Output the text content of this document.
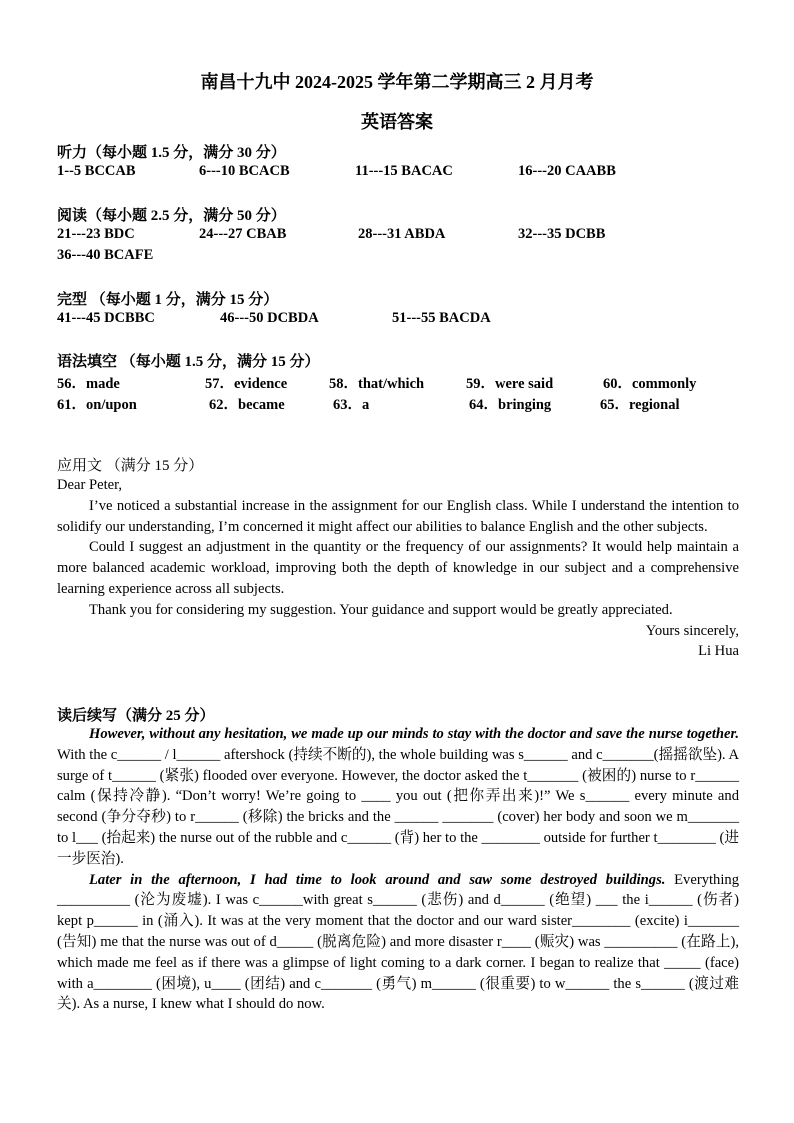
南昌十九中 2024-2025 学年第二学期高三 2 月月考
英语答案
听力（每小题 1.5 分，满分 30 分）
1--5 BCCAB	6---10 BCACB	11---15 BACAC	16---20 CAABB
阅读（每小题 2.5 分，满分 50 分）
21---23 BDC	24---27 CBAB	28---31 ABDA	32---35 DCBB
36---40 BCAFE
完型 （每小题 1 分，满分 15 分）
41---45 DCBBC	46---50 DCBDA	51---55 BACDA
语法填空 （每小题 1.5 分，满分 15 分）
56．made	57．evidence	58．that/which	59．were said	60．commonly
61．on/upon	62．became	63．a	64．bringing	65．regional
应用文 （满分 15 分）

Dear Peter,

I’ve noticed a substantial increase in the assignment for our English class. While I understand the intention to solidify our understanding, I’m concerned it might affect our abilities to balance English and the other subjects.

Could I suggest an adjustment in the quantity or the frequency of our assignments? It would help maintain a more balanced academic workload, improving both the depth of knowledge in our subject and a comprehensive learning experience across all subjects.

Thank you for considering my suggestion. Your guidance and support would be greatly appreciated.

Yours sincerely,

Li Hua

读后续写（满分 25 分）

However, without any hesitation, we made up our minds to stay with the doctor and save the nurse together. With the c______ / l______ aftershock (持续不断的), the whole building was s______ and c_______(摇摇欲坠). A surge of t______ (紧张) flooded over everyone. However, the doctor asked the t_______ (被困的) nurse to r______ calm (保持冷静). “Don’t worry! We’re going to ____ you out (把你弄出来)!” We s______ every minute and second (争分夺秒) to r______ (移除) the bricks and the ______ _______ (cover) her body and soon we m_______ to l___ (抬起来) the nurse out of the rubble and c______ (背) her to the ________ outside for further t________ (进一步医治).

Later in the afternoon, I had time to look around and saw some destroyed buildings. Everything __________ (沦为废墟). I was c______with great s______ (悲伤) and d______ (绝望) ___ the i______ (伤者) kept p______ in (涌入). It was at the very moment that the doctor and our ward sister________ (excite) i_______ (告知) me that the nurse was out of d_____ (脱离危险) and more disaster r____ (赈灾) was __________ (在路上), which made me feel as if there was a glimpse of light coming to a dark corner. I began to realize that _____ (face) with a________ (困境), u____ (团结) and c_______ (勇气) m______ (很重要) to w______ the s______ (渡过难关). As a nurse, I knew what I should do now.
